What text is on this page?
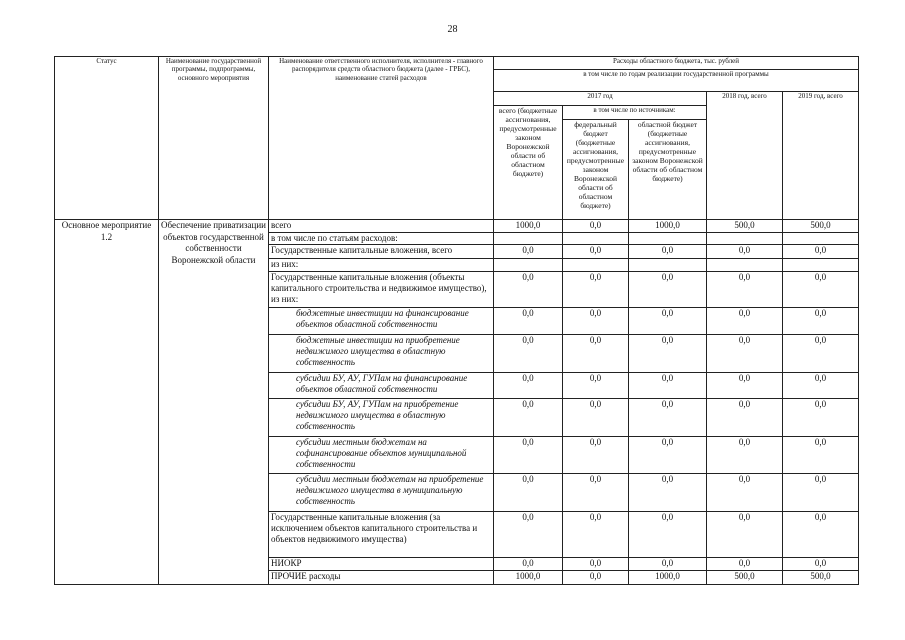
28
Статус	Наименование государственной программы, подпрограммы, основного мероприятия	Наименование ответственного исполнителя, исполнителя - главного распорядителя средств областного бюджета (далее - ГРБС), наименование статей расходов	Расходы областного бюджета, тыс. рублей				
			в том числе по годам реализации государственной программы				
			2017 год			2018 год, всего	2019 год, всего
			всего (бюджетные ассигнования, предусмотренные законом Воронежской области об областном бюджете)	в том числе по источникам:			
				федеральный бюджет (бюджетные ассигнования, предусмотренные законом Воронежской области об областном бюджете)	областной бюджет (бюджетные ассигнования, предусмотренные законом Воронежской области об областном бюджете)		
Основное мероприятие 1.2	Обеспечение приватизации объектов государственной собственности Воронежской области	всего	1000,0	0,0	1000,0	500,0	500,0
		в том числе по статьям расходов:					
		Государственные капитальные вложения, всего	0,0	0,0	0,0	0,0	0,0
		из них:					
		Государственные капитальные вложения (объекты капитального строительства и недвижимое имущество), из них:	0,0	0,0	0,0	0,0	0,0
		бюджетные инвестиции на финансирование объектов областной собственности	0,0	0,0	0,0	0,0	0,0
		бюджетные инвестиции на приобретение недвижимого имущества в областную собственность	0,0	0,0	0,0	0,0	0,0
		субсидии БУ, АУ, ГУПам на финансирование объектов областной собственности	0,0	0,0	0,0	0,0	0,0
		субсидии БУ, АУ, ГУПам на приобретение недвижимого имущества в областную собственность	0,0	0,0	0,0	0,0	0,0
		субсидии местным бюджетам на софинансирование объектов муниципальной собственности	0,0	0,0	0,0	0,0	0,0
		субсидии местным бюджетам на приобретение недвижимого имущества в муниципальную собственность	0,0	0,0	0,0	0,0	0,0
		Государственные капитальные вложения (за исключением объектов капитального строительства и объектов недвижимого имущества)	0,0	0,0	0,0	0,0	0,0
		НИОКР	0,0	0,0	0,0	0,0	0,0
		ПРОЧИЕ расходы	1000,0	0,0	1000,0	500,0	500,0
